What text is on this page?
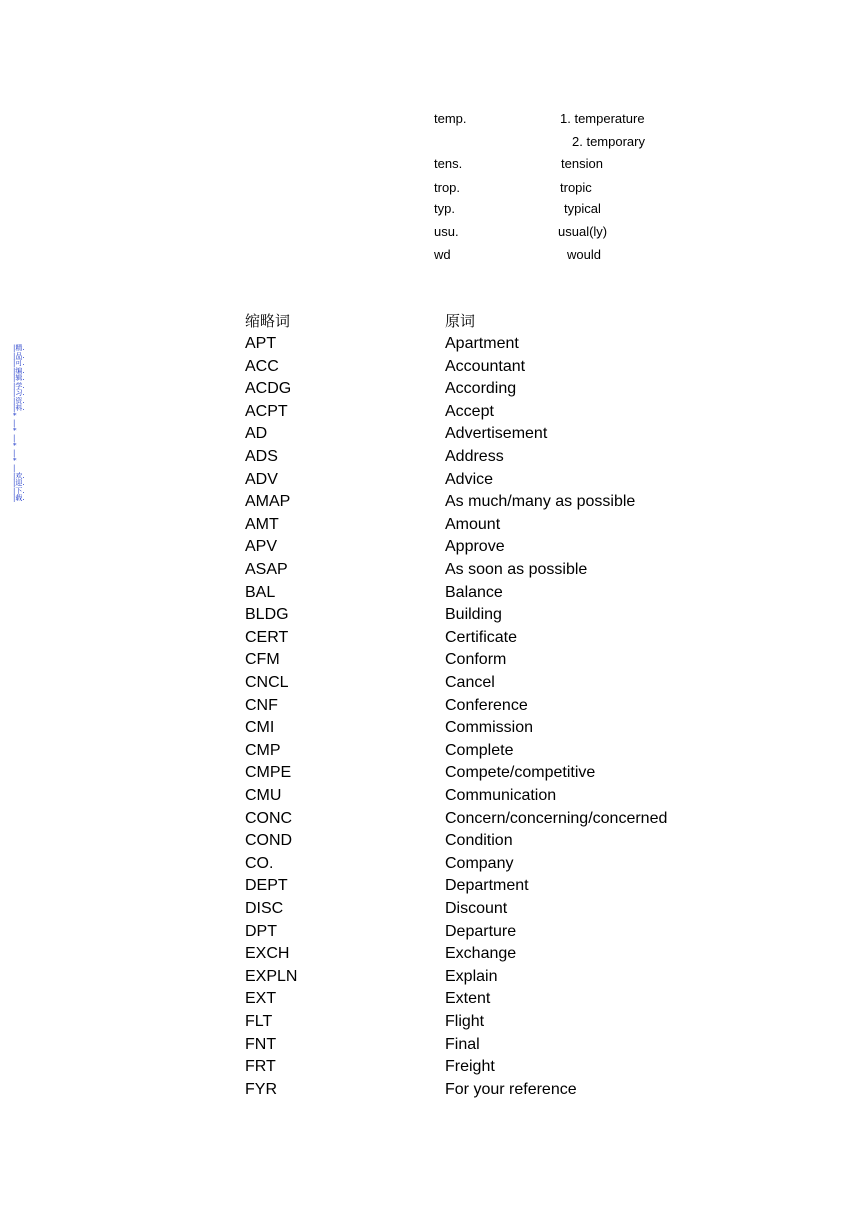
temp.	1. temperature
2. temporary
tens.	tension
trop.	tropic
typ.	typical
usu.	usual(ly)
wd	would
|精.
|品.
|可.
|编.
|辑.
|学.
|习.
|资.
|料.
*
|
*
|
*
|
*
|
|欢.
|迎.
|下.
|载.
缩略词	原词
APT	Apartment
ACC	Accountant
ACDG	According
ACPT	Accept
AD	Advertisement
ADS	Address
ADV	Advice
AMAP	As much/many as possible
AMT	Amount
APV	Approve
ASAP	As soon as possible
BAL	Balance
BLDG	Building
CERT	Certificate
CFM	Conform
CNCL	Cancel
CNF	Conference
CMI	Commission
CMP	Complete
CMPE	Compete/competitive
CMU	Communication
CONC	Concern/concerning/concerned
COND	Condition
CO.	Company
DEPT	Department
DISC	Discount
DPT	Departure
EXCH	Exchange
EXPLN	Explain
EXT	Extent
FLT	Flight
FNT	Final
FRT	Freight
FYR	For your reference
